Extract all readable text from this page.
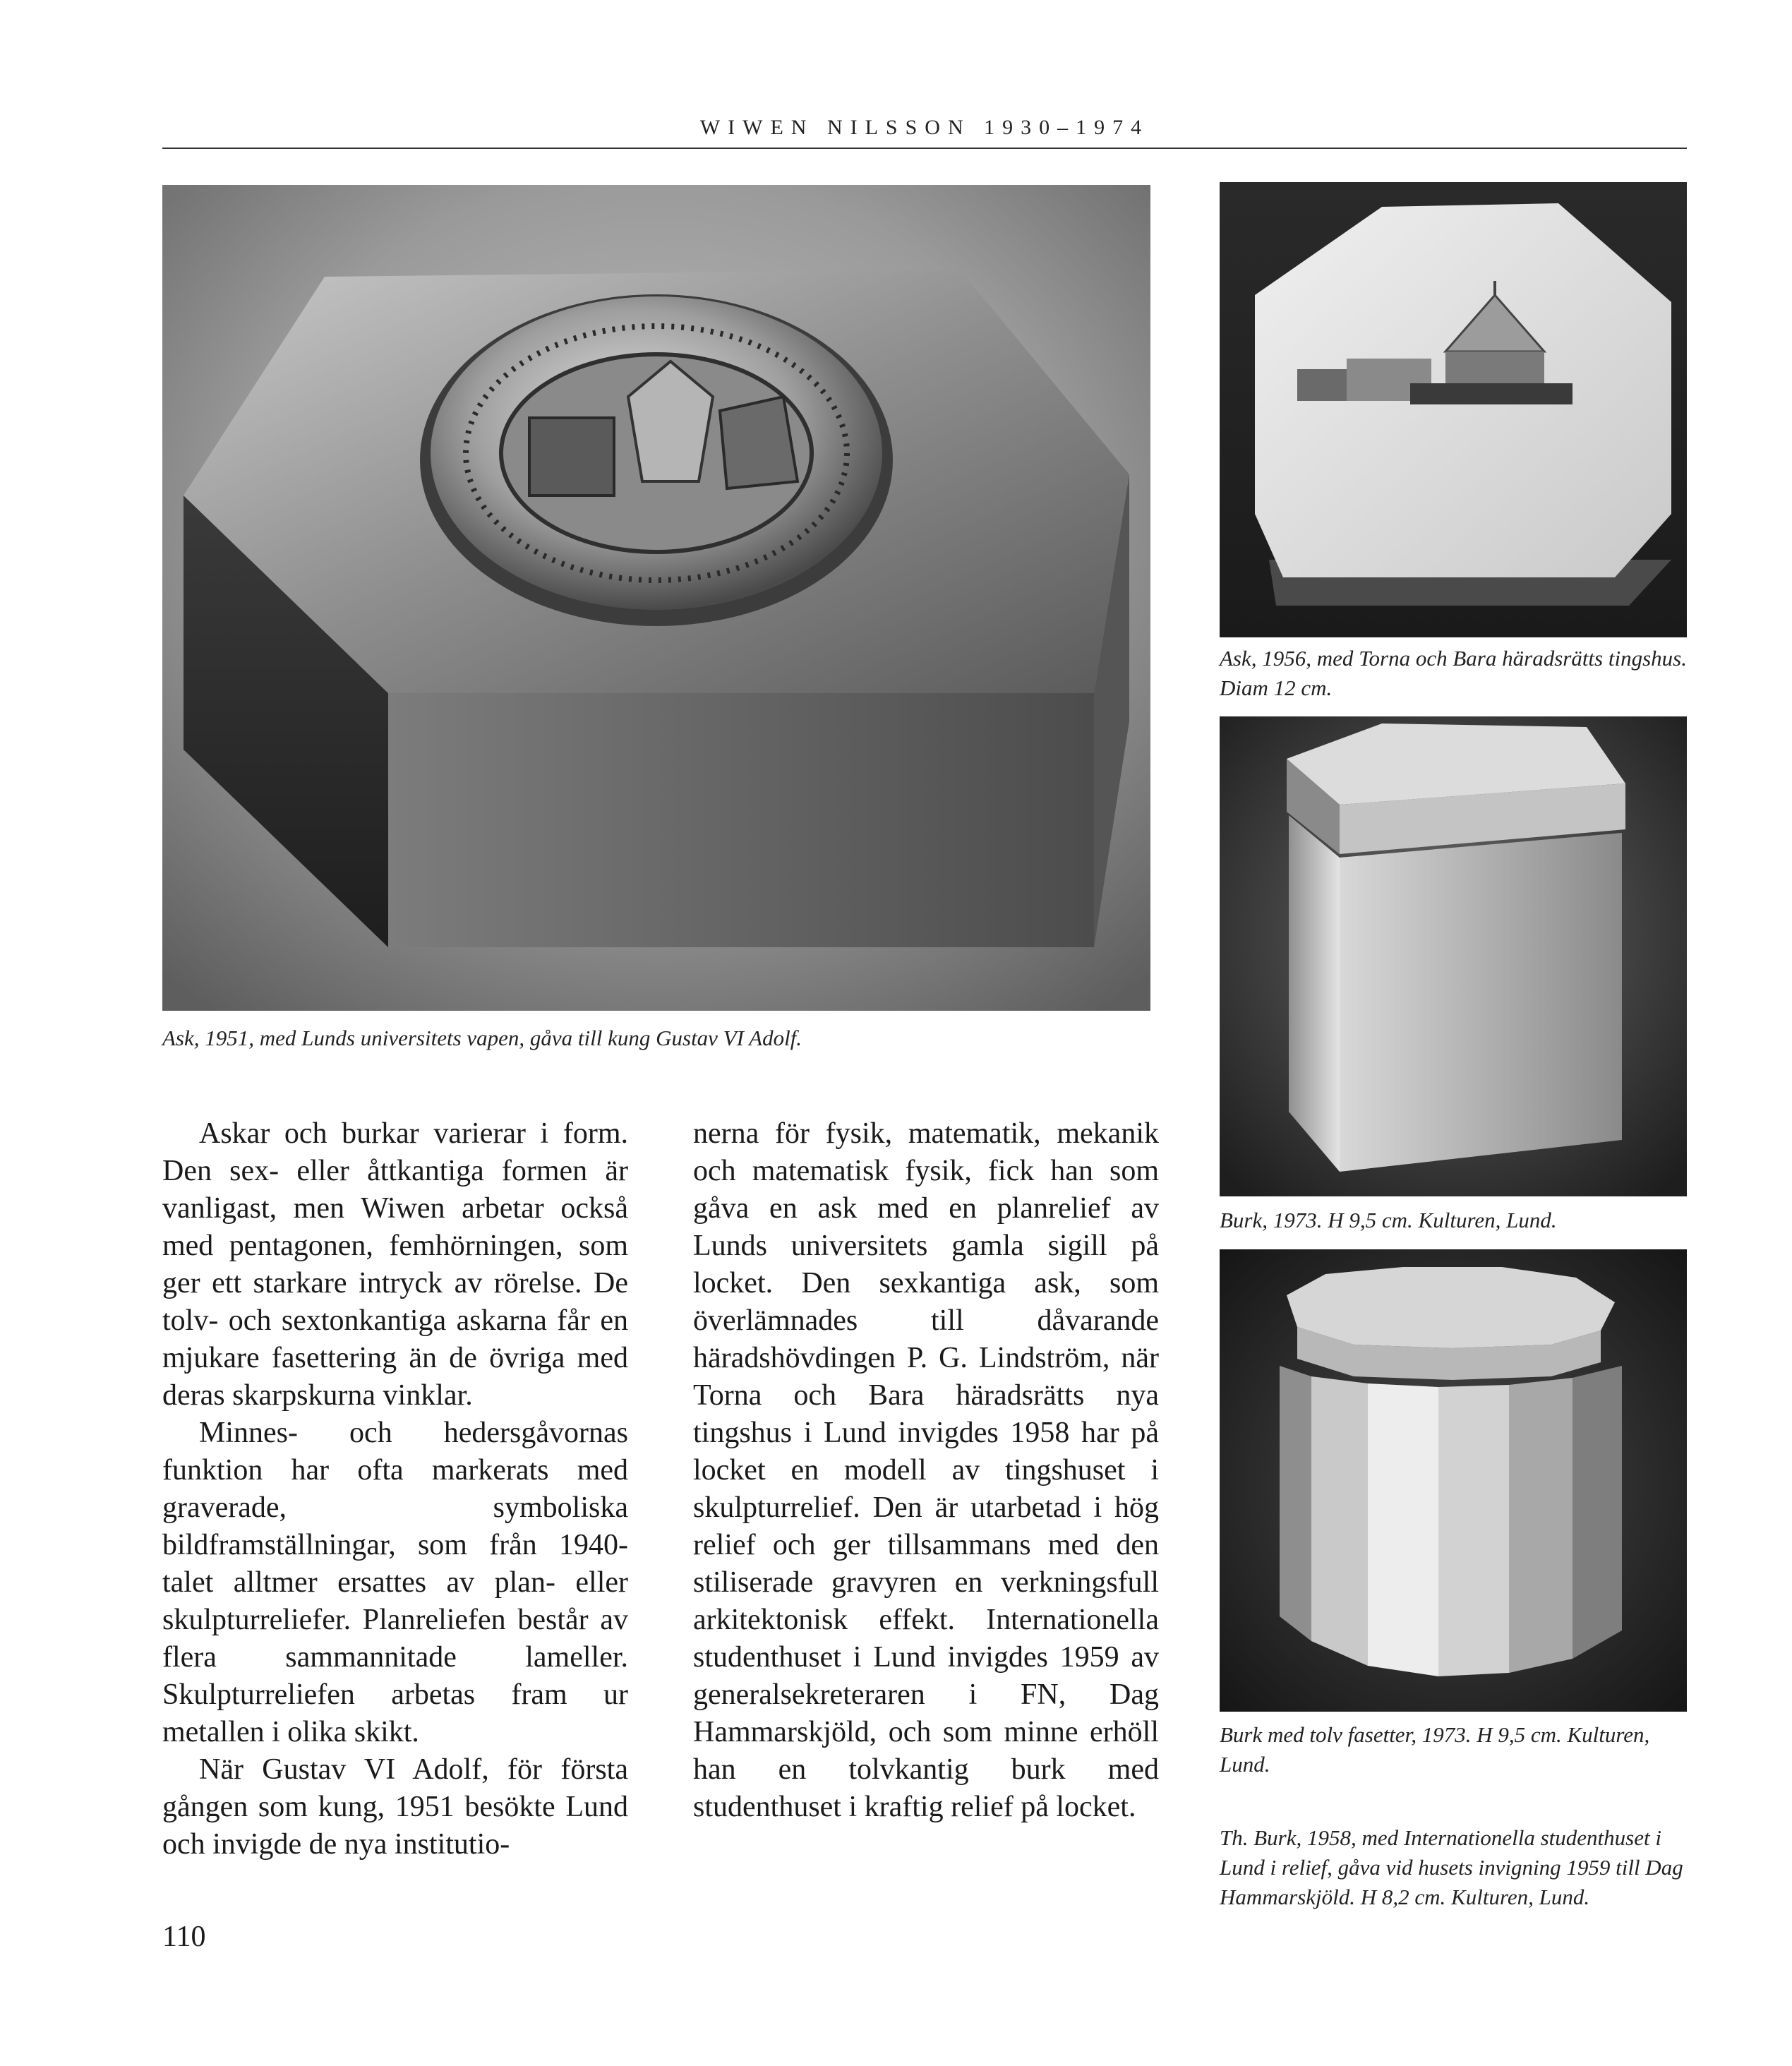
WIWEN NILSSON 1930–1974
Ask, 1951, med Lunds universitets vapen, gåva till kung Gustav VI Adolf.
Ask, 1956, med Torna och Bara häradsrätts tingshus. Diam 12 cm.
Burk, 1973. H 9,5 cm. Kulturen, Lund.
Burk med tolv fasetter, 1973. H 9,5 cm. Kulturen, Lund.
Th. Burk, 1958, med Internationella studenthuset i Lund i relief, gåva vid husets invigning 1959 till Dag Hammarskjöld. H 8,2 cm. Kulturen, Lund.

Askar och burkar varierar i form. Den sex- eller åttkantiga formen är vanligast, men Wiwen arbetar också med pentagonen, femhörningen, som ger ett starkare intryck av rörelse. De tolv- och sextonkantiga askarna får en mjukare fasettering än de övriga med deras skarpskurna vinklar.

Minnes- och hedersgåvornas funktion har ofta markerats med graverade, symboliska bildframställningar, som från 1940-talet alltmer ersattes av plan- eller skulpturreliefer. Planreliefen består av flera sammannitade lameller. Skulpturreliefen arbetas fram ur metallen i olika skikt.

När Gustav VI Adolf, för första gången som kung, 1951 besökte Lund och invigde de nya institutio-

nerna för fysik, matematik, mekanik och matematisk fysik, fick han som gåva en ask med en planrelief av Lunds universitets gamla sigill på locket. Den sexkantiga ask, som överlämnades till dåvarande häradshövdingen P. G. Lindström, när Torna och Bara häradsrätts nya tingshus i Lund invigdes 1958 har på locket en modell av tingshuset i skulpturrelief. Den är utarbetad i hög relief och ger tillsammans med den stiliserade gravyren en verkningsfull arkitektonisk effekt. Internationella studenthuset i Lund invigdes 1959 av generalsekreteraren i FN, Dag Hammarskjöld, och som minne erhöll han en tolvkantig burk med studenthuset i kraftig relief på locket.

110
